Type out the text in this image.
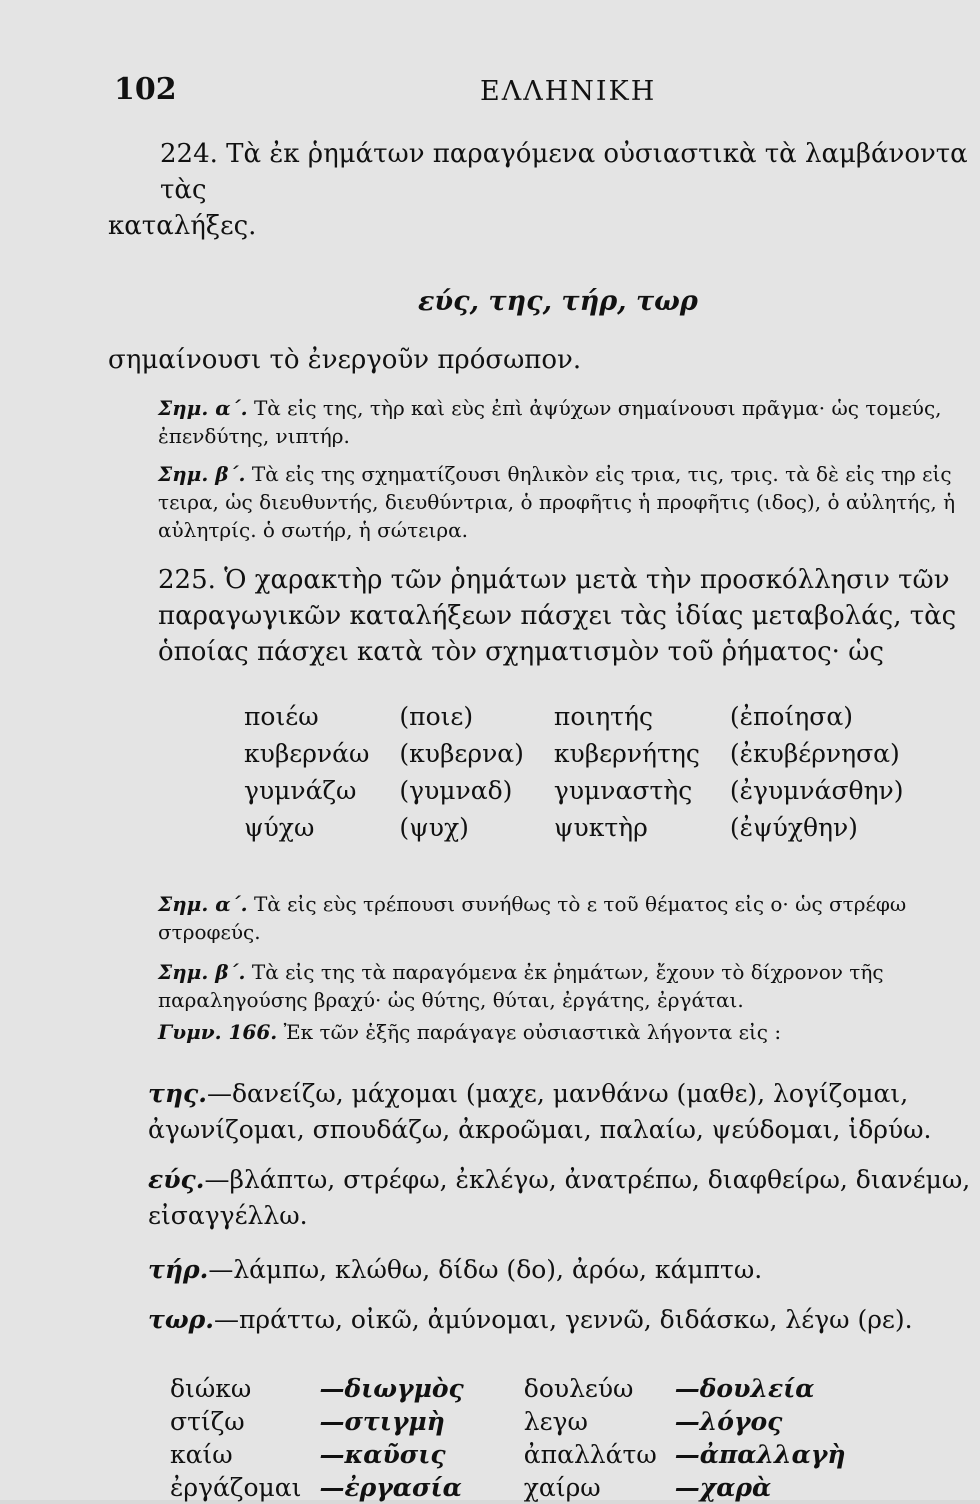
102	ΕΛΛΗΝΙΚΗ

224. Τὰ ἐκ ῥημάτων παραγόμενα οὐσιαστικὰ τὰ λαμβάνοντα τὰς

καταλήξες.

εύς, της, τήρ, τωρ

σημαίνουσι τὸ ἐνεργοῦν πρόσωπον.

Σημ. α΄. Τὰ εἰς της, τὴρ καὶ εὺς ἐπὶ ἀψύχων σημαίνουσι πρᾶγμα· ὡς τομεύς, ἐπενδύτης, νιπτήρ.

Σημ. β΄. Τὰ εἰς της σχηματίζουσι θηλικὸν εἰς τρια, τις, τρις. τὰ δὲ εἰς τηρ εἰς τειρα, ὡς διευθυντής, διευθύντρια, ὁ προφῆτις ἡ προφῆτις (ιδος), ὁ αὐλητής, ἡ αὐλητρίς. ὁ σωτήρ, ἡ σώτειρα.

225. Ὁ χαρακτὴρ τῶν ῥημάτων μετὰ τὴν προσκόλλησιν τῶν παραγωγικῶν καταλήξεων πάσχει τὰς ἰδίας μεταβολάς, τὰς ὁποίας πάσχει κατὰ τὸν σχηματισμὸν τοῦ ῥήματος· ὡς

ποιέω	(ποιε)	ποιητής	(ἐποίησα)
κυβερνάω	(κυβερνα)	κυβερνήτης	(ἐκυβέρνησα)
γυμνάζω	(γυμναδ)	γυμναστὴς	(ἐγυμνάσθην)
ψύχω	(ψυχ)	ψυκτὴρ	(ἐψύχθην)

Σημ. α΄. Τὰ εἰς εὺς τρέπουσι συνήθως τὸ ε τοῦ θέματος εἰς ο· ὡς στρέφω στροφεύς.

Σημ. β΄. Τὰ εἰς της τὰ παραγόμενα ἐκ ῥημάτων, ἔχουν τὸ δίχρονον τῆς παραληγούσης βραχύ· ὡς θύτης, θύται, ἐργάτης, ἐργάται.

Γυμν. 166. Ἐκ τῶν ἑξῆς παράγαγε οὐσιαστικὰ λήγοντα εἰς :

της.—δανείζω, μάχομαι (μαχε, μανθάνω (μαθε), λογίζομαι, ἀγωνίζομαι, σπουδάζω, ἀκροῶμαι, παλαίω, ψεύδομαι, ἱδρύω.

εύς.—βλάπτω, στρέφω, ἐκλέγω, ἀνατρέπω, διαφθείρω, διανέμω, εἰσαγγέλλω.

τήρ.—λάμπω, κλώθω, δίδω (δο), ἀρόω, κάμπτω.

τωρ.—πράττω, οἰκῶ, ἀμύνομαι, γεννῶ, διδάσκω, λέγω (ρε).

διώκω	—διωγμὸς	δουλεύω	—δουλεία
στίζω	—στιγμὴ	λεγω	—λόγος
καίω	—καῦσις	ἀπαλλάτω	—ἀπαλλαγὴ
ἐργάζομαι	—ἐργασία	χαίρω	—χαρὰ
